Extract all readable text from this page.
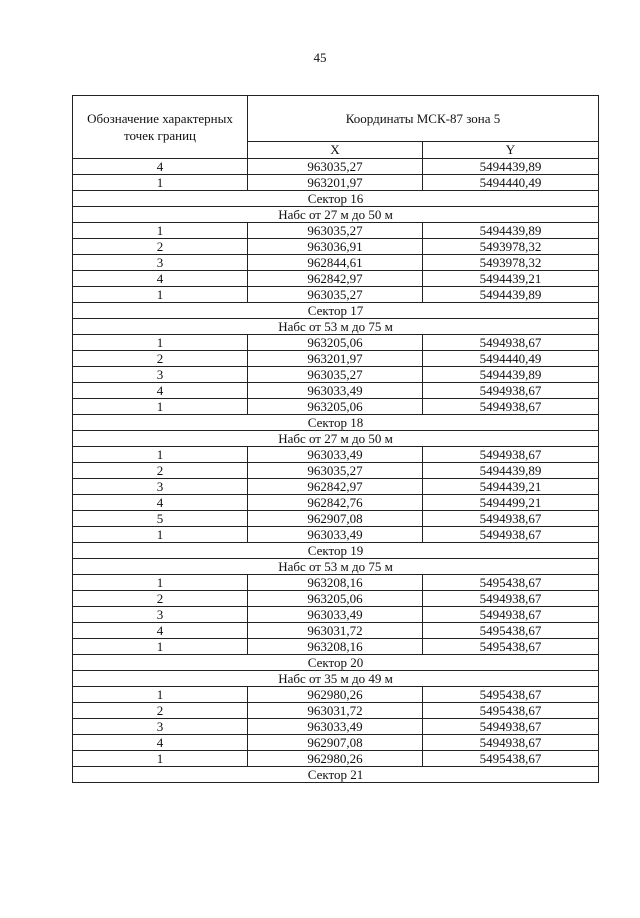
45
Обозначение характерных точек границ	Координаты МСК-87 зона 5	
	X	Y
4	963035,27	5494439,89
1	963201,97	5494440,49
Сектор 16		
Набс от 27 м до 50 м		
1	963035,27	5494439,89
2	963036,91	5493978,32
3	962844,61	5493978,32
4	962842,97	5494439,21
1	963035,27	5494439,89
Сектор 17		
Набс от 53 м до 75 м		
1	963205,06	5494938,67
2	963201,97	5494440,49
3	963035,27	5494439,89
4	963033,49	5494938,67
1	963205,06	5494938,67
Сектор 18		
Набс от 27 м до 50 м		
1	963033,49	5494938,67
2	963035,27	5494439,89
3	962842,97	5494439,21
4	962842,76	5494499,21
5	962907,08	5494938,67
1	963033,49	5494938,67
Сектор 19		
Набс от 53 м до 75 м		
1	963208,16	5495438,67
2	963205,06	5494938,67
3	963033,49	5494938,67
4	963031,72	5495438,67
1	963208,16	5495438,67
Сектор 20		
Набс от 35 м до 49 м		
1	962980,26	5495438,67
2	963031,72	5495438,67
3	963033,49	5494938,67
4	962907,08	5494938,67
1	962980,26	5495438,67
Сектор 21		
